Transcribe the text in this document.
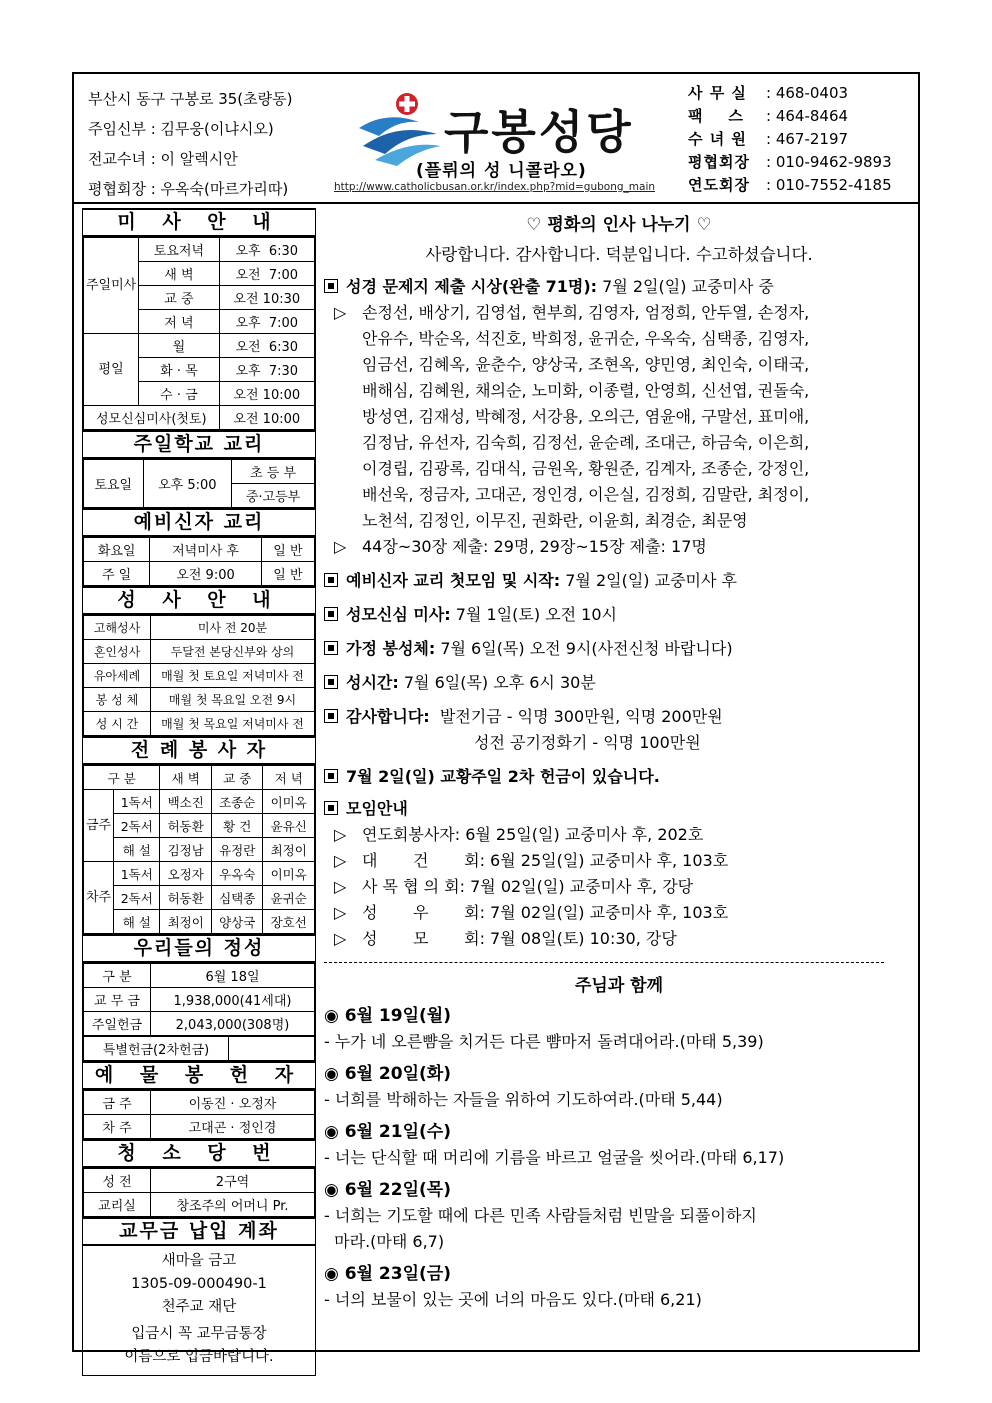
부산시 동구 구봉로 35(초량동)
주임신부 : 김무웅(이냐시오)
전교수녀 : 이 알렉시안
평협회장 : 우옥숙(마르가리따)
구봉성당
(플뤼의 성 니콜라오)
http://www.catholicbusan.or.kr/index.php?mid=gubong_main
사 무 실	: 468-0403
팩    스	: 464-8464
수 녀 원	: 467-2197
평협회장	: 010-9462-9893
연도회장	: 010-7552-4185
미 사 안 내
주일미사	토요저녁	오후  6:30
	새 벽	오전  7:00
	교 중	오전 10:30
	저 녁	오후  7:00
평일	월	오전  6:30
	화 · 목	오후  7:30
	수 · 금	오전 10:00
성모신심미사(첫토)		오전 10:00
주일학교 교리
토요일	오후 5:00	초 등 부
중·고등부
예비신자 교리
화요일	저녁미사 후	일 반
주 일	오전 9:00	일 반
성 사 안 내
고해성사	미사 전 20분
혼인성사	두달전 본당신부와 상의
유아세례	매월 첫 토요일 저녁미사 전
봉 성 체	매월 첫 목요일 오전 9시
성 시 간	매월 첫 목요일 저녁미사 전
전 례 봉 사 자
구 분		새 벽	교 중	저 녁
금주	1독서	백소진	조종순	이미옥
	2독서	허동환	황 건	윤유신
	해 설	김정남	유정란	최정이
차주	1독서	오정자	우옥숙	이미옥
	2독서	허동환	심택종	윤귀순
	해 설	최정이	양상국	장호선
우리들의 정성
구 분	6월 18일
교 무 금	1,938,000(41세대)
주일헌금	2,043,000(308명)
특별헌금(2차헌금)	
예 물 봉 헌 자
금 주	이동진 · 오정자
차 주	고대곤 · 정인경
청 소 당 번
성 전	2구역
교리실	창조주의 어머니 Pr.
교무금 납입 계좌
새마을 금고
1305-09-000490-1
천주교 재단
입금시 꼭 교무금통장
이름으로 입금바랍니다.
♡ 평화의 인사 나누기 ♡
사랑합니다. 감사합니다. 덕분입니다. 수고하셨습니다.
성경 문제지 제출 시상(완출 71명): 7월 2일(일) 교중미사 중
▷ 손정선, 배상기, 김영섭, 현부희, 김영자, 엄정희, 안두열, 손정자,
안유수, 박순옥, 석진호, 박희정, 윤귀순, 우옥숙, 심택종, 김영자,
임금선, 김혜옥, 윤춘수, 양상국, 조현옥, 양민영, 최인숙, 이태국,
배해심, 김혜원, 채의순, 노미화, 이종렬, 안영희, 신선엽, 권돌숙,
방성연, 김재성, 박혜정, 서강용, 오의근, 염윤애, 구말선, 표미애,
김정남, 유선자, 김숙희, 김정선, 윤순례, 조대근, 하금숙, 이은희,
이경립, 김광록, 김대식, 금원옥, 황원준, 김계자, 조종순, 강정인,
배선욱, 정금자, 고대곤, 정인경, 이은실, 김정희, 김말란, 최정이,
노천석, 김정인, 이무진, 권화란, 이윤희, 최경순, 최문영
▷ 44장~30장 제출: 29명, 29장~15장 제출: 17명
예비신자 교리 첫모임 및 시작: 7월 2일(일) 교중미사 후
성모신심 미사: 7월 1일(토) 오전 10시
가정 봉성체: 7월 6일(목) 오전 9시(사전신청 바랍니다)
성시간: 7월 6일(목) 오후 6시 30분
감사합니다: 발전기금 - 익명 300만원, 익명 200만원
성전 공기정화기 - 익명 100만원
7월 2일(일) 교황주일 2차 헌금이 있습니다.
모임안내
▷ 연도회봉사자: 6월 25일(일) 교중미사 후, 202호
▷ 대       건       회: 6월 25일(일) 교중미사 후, 103호
▷ 사 목 협 의 회: 7월 02일(일) 교중미사 후, 강당
▷ 성       우       회: 7월 02일(일) 교중미사 후, 103호
▷ 성       모       회: 7월 08일(토) 10:30, 강당
주님과 함께
◉ 6월 19일(월)
- 누가 네 오른뺨을 치거든 다른 뺨마저 돌려대어라.(마태 5,39)
◉ 6월 20일(화)
- 너희를 박해하는 자들을 위하여 기도하여라.(마태 5,44)
◉ 6월 21일(수)
- 너는 단식할 때 머리에 기름을 바르고 얼굴을 씻어라.(마태 6,17)
◉ 6월 22일(목)
- 너희는 기도할 때에 다른 민족 사람들처럼 빈말을 되풀이하지
마라.(마태 6,7)
◉ 6월 23일(금)
- 너의 보물이 있는 곳에 너의 마음도 있다.(마태 6,21)
